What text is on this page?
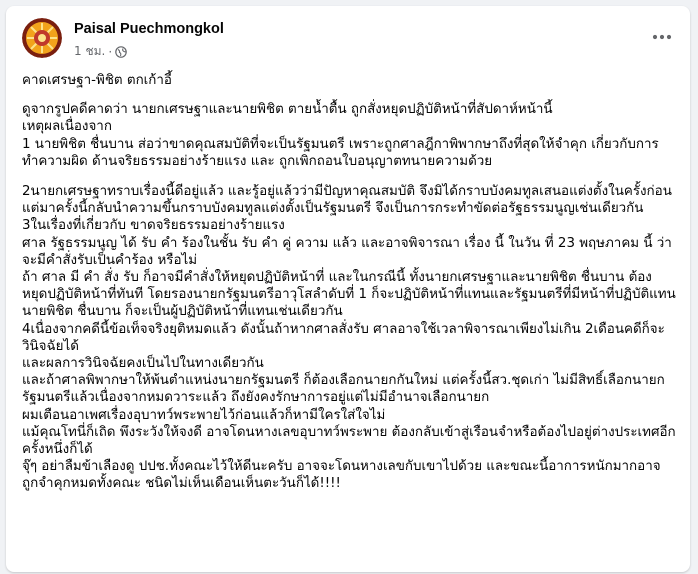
Paisal Puechmongkol
1 ชม. ·

คาดเศรษฐา-พิชิต ตกเก้าอี้

ดูจากรูปคดีคาดว่า นายกเศรษฐาและนายพิชิต ตายน้ำตื้น ถูกสั่งหยุดปฏิบัติหน้าที่สัปดาห์หน้านี้

เหตุผลเนื่องจาก

1 นายพิชิต ชื่นบาน ส่อว่าขาดคุณสมบัติที่จะเป็นรัฐมนตรี เพราะถูกศาลฎีกาพิพากษาถึงที่สุดให้จำคุก เกี่ยวกับการทำความผิด ด้านจริยธรรมอย่างร้ายแรง และ ถูกเพิกถอนใบอนุญาตทนายความด้วย

2นายกเศรษฐาทราบเรื่องนี้ดีอยู่แล้ว และรู้อยู่แล้วว่ามีปัญหาคุณสมบัติ จึงมิได้กราบบังคมทูลเสนอแต่งตั้งในครั้งก่อนแต่มาครั้งนี้กลับนำความขึ้นกราบบังคมทูลแต่งตั้งเป็นรัฐมนตรี จึงเป็นการกระทำขัดต่อรัฐธรรมนูญเช่นเดียวกัน

3ในเรื่องที่เกี่ยวกับ ขาดจริยธรรมอย่างร้ายแรง

ศาล รัฐธรรมนูญ ได้ รับ คำ ร้องในชั้น รับ คำ คู่ ความ แล้ว และอาจพิจารณา เรื่อง นี้ ในวัน ที่ 23 พฤษภาคม นี้ ว่าจะมีคำสั่งรับเป็นคำร้อง หรือไม่

ถ้า ศาล มี คำ สั่ง รับ ก็อาจมีคำสั่งให้หยุดปฏิบัติหน้าที่ และในกรณีนี้ ทั้งนายกเศรษฐาและนายพิชิต ชื่นบาน ต้องหยุดปฏิบัติหน้าที่ทันที โดยรองนายกรัฐมนตรีอาวุโสลำดับที่ 1 ก็จะปฏิบัติหน้าที่แทนและรัฐมนตรีที่มีหน้าที่ปฏิบัติแทนนายพิชิต ชื่นบาน ก็จะเป็นผู้ปฏิบัติหน้าที่แทนเช่นเดียวกัน

4เนื่องจากคดีนี้ข้อเท็จจริงยุติหมดแล้ว ดังนั้นถ้าหากศาลสั่งรับ ศาลอาจใช้เวลาพิจารณาเพียงไม่เกิน 2เดือนคดีก็จะวินิจฉัยได้

และผลการวินิจฉัยคงเป็นไปในทางเดียวกัน

และถ้าศาลพิพากษาให้พ้นตำแหน่งนายกรัฐมนตรี ก็ต้องเลือกนายกกันใหม่ แต่ครั้งนี้สว.ชุดเก่า ไม่มีสิทธิ์เลือกนายกรัฐมนตรีแล้วเนื่องจากหมดวาระแล้ว ถึงยังคงรักษาการอยู่แต่ไม่มีอำนาจเลือกนายก

ผมเตือนอาเพศเรื่องอุบาทว์พระพายไว้ก่อนแล้วก็หามีใครใส่ใจไม่

แม้คุณโทนี่ก็เถิด พึงระวังให้จงดี อาจโดนหางเลขอุบาทว์พระพาย ต้องกลับเข้าสู่เรือนจำหรือต้องไปอยู่ต่างประเทศอีกครั้งหนึ่งก็ได้

จุ๊ๆ อย่าลืมข้าเลืองดู ปปช.ทั้งคณะไว้ให้ดีนะครับ อาจจะโดนหางเลขกับเขาไปด้วย และขณะนี้อาการหนักมากอาจถูกจำคุกหมดทั้งคณะ ชนิดไม่เห็นเดือนเห็นตะวันก็ได้!!!!
